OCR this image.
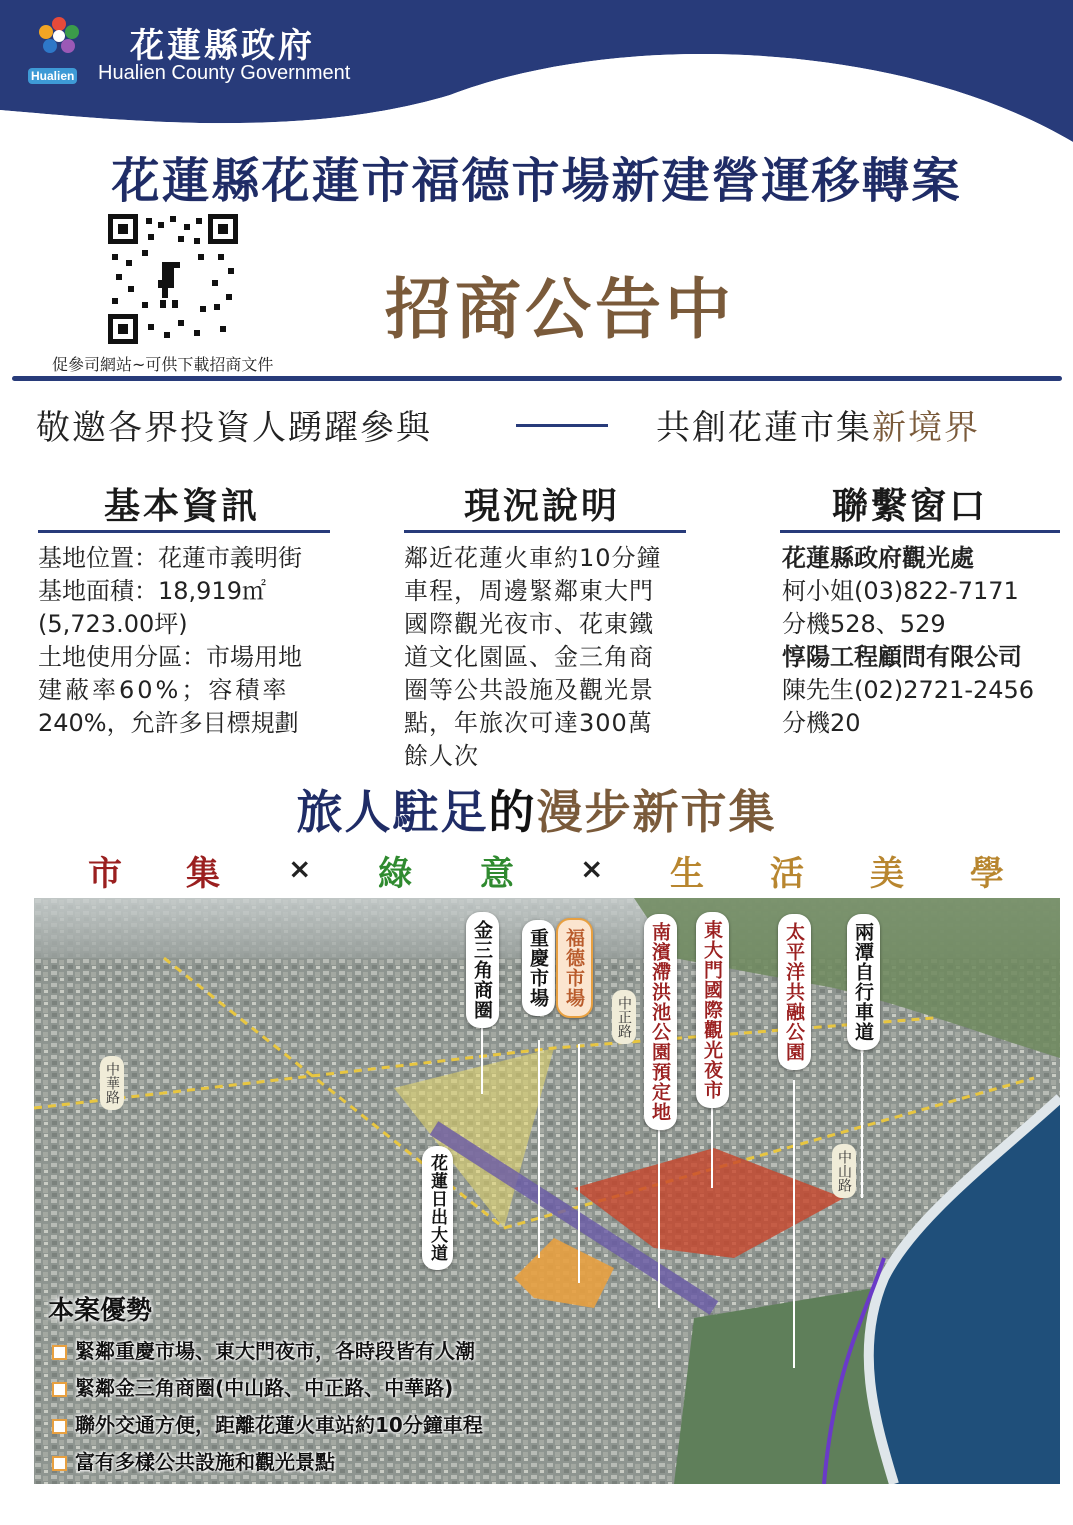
Hualien
花蓮縣政府
Hualien County Government
花蓮縣花蓮市福德市場新建營運移轉案
促參司網站~可供下載招商文件
招商公告中
敬邀各界投資人踴躍參與	共創花蓮市集新境界
基本資訊	現況說明	聯繫窗口
基地位置：花蓮市義明街
基地面積：18,919㎡
(5,723.00坪)
土地使用分區：市場用地
建蔽率60%；容積率
240%，允許多目標規劃
鄰近花蓮火車約10分鐘
車程，周邊緊鄰東大門
國際觀光夜市、花東鐵
道文化園區、金三角商
圈等公共設施及觀光景
點，年旅次可達300萬
餘人次
花蓮縣政府觀光處
柯小姐(03)822-7171
分機528、529
惇陽工程顧問有限公司
陳先生(02)2721-2456
分機20
旅人駐足的漫步新市集
市 集 × 綠 意 × 生 活 美 學
金三角商圈	重慶市場 福德市場	南濱滯洪池公園預定地	東大門國際觀光夜市	太平洋共融公園	兩潭自行車道
中正路
中華路
中山路
花蓮日出大道
本案優勢
緊鄰重慶市場、東大門夜市，各時段皆有人潮
緊鄰金三角商圈(中山路、中正路、中華路)
聯外交通方便，距離花蓮火車站約10分鐘車程
富有多樣公共設施和觀光景點
